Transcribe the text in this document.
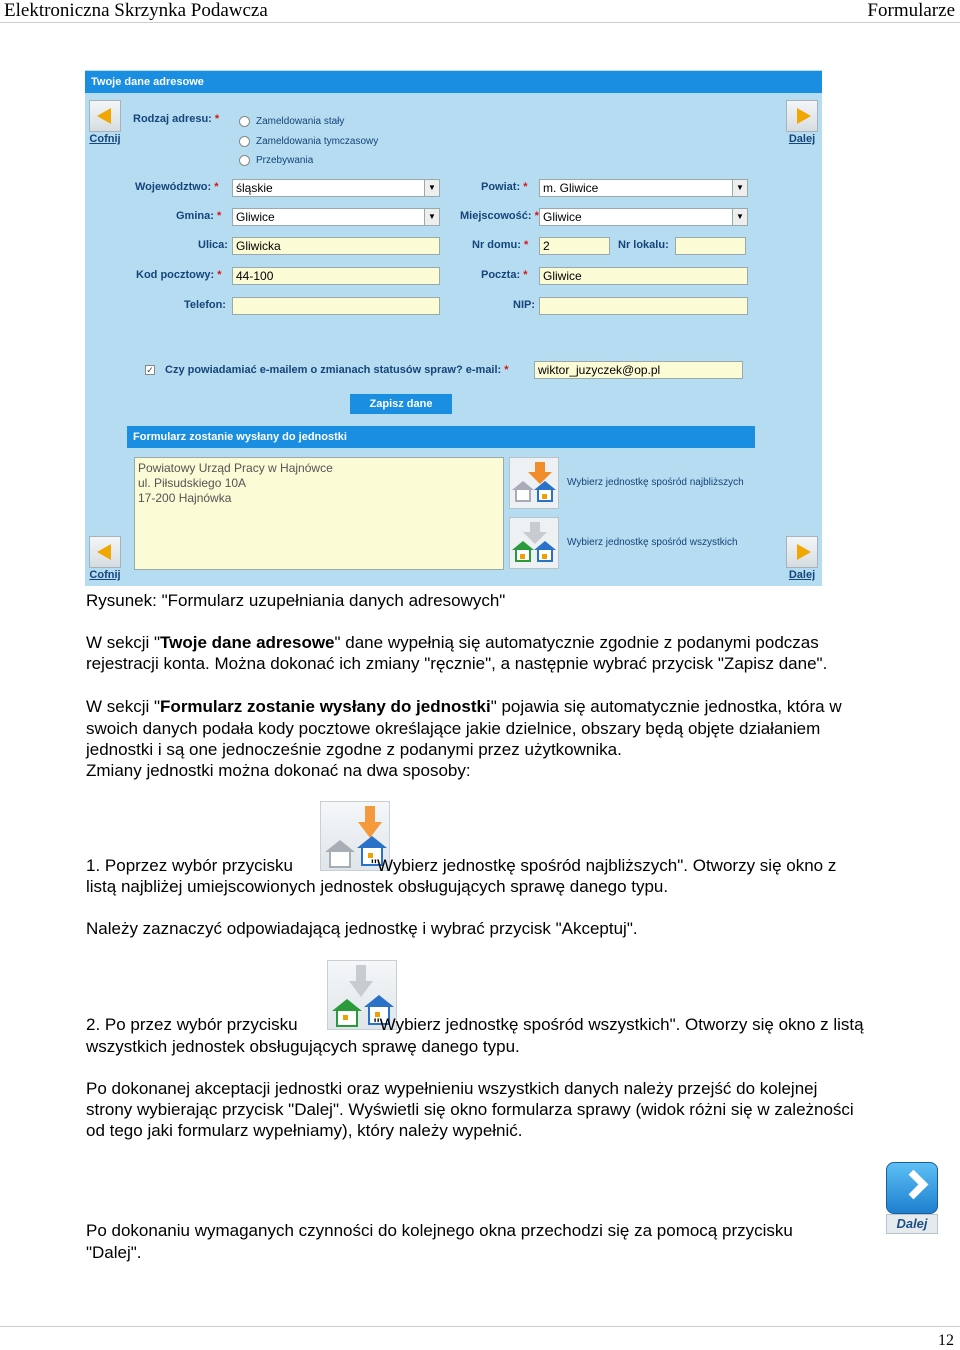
Elektroniczna Skrzynka Podawcza	Formularze
Twoje dane adresowe
Cofnij	Dalej
Rodzaj adresu: *	Zameldowania stały
Zameldowania tymczasowy
Przebywania
Województwo: *	śląskie	▼	Powiat: *	m. Gliwice	▼
Gmina: *	Gliwice	▼ Miejscowość: * Gliwice	▼
Ulica: Gliwicka	Nr domu: *	2	Nr lokalu:
Kod pocztowy: *	44-100	Poczta: *	Gliwice
Telefon:	NIP:
✓ Czy powiadamiać e-mailem o zmianach statusów spraw? e-mail: *	wiktor_juzyczek@op.pl
Zapisz dane
Formularz zostanie wysłany do jednostki
Powiatowy Urząd Pracy w Hajnówce
ul. Piłsudskiego 10A
17-200 Hajnówka
Wybierz jednostkę spośród najbliższych
Wybierz jednostkę spośród wszystkich
Cofnij	Dalej
Rysunek: "Formularz uzupełniania danych adresowych"
W sekcji "Twoje dane adresowe" dane wypełnią się automatycznie zgodnie z podanymi podczas
rejestracji konta. Można dokonać ich zmiany "ręcznie", a następnie wybrać przycisk "Zapisz dane".
W sekcji "Formularz zostanie wysłany do jednostki" pojawia się automatycznie jednostka, która w
swoich danych podała kody pocztowe określające jakie dzielnice, obszary będą objęte działaniem
jednostki i są one jednocześnie zgodne z podanymi przez użytkownika.
Zmiany jednostki można dokonać na dwa sposoby:
1. Poprzez wybór przycisku	"Wybierz jednostkę spośród najbliższych". Otworzy się okno z
listą najbliżej umiejscowionych jednostek obsługujących sprawę danego typu.
Należy zaznaczyć odpowiadającą jednostkę i wybrać przycisk "Akceptuj".
2. Po przez wybór przycisku	"Wybierz jednostkę spośród wszystkich". Otworzy się okno z listą
wszystkich jednostek obsługujących sprawę danego typu.
Po dokonanej akceptacji jednostki oraz wypełnieniu wszystkich danych należy przejść do kolejnej
strony wybierając przycisk "Dalej". Wyświetli się okno formularza sprawy (widok różni się w zależności
od tego jaki formularz wypełniamy), który należy wypełnić.
Dalej
Po dokonaniu wymaganych czynności do kolejnego okna przechodzi się za pomocą przycisku
"Dalej".
12
